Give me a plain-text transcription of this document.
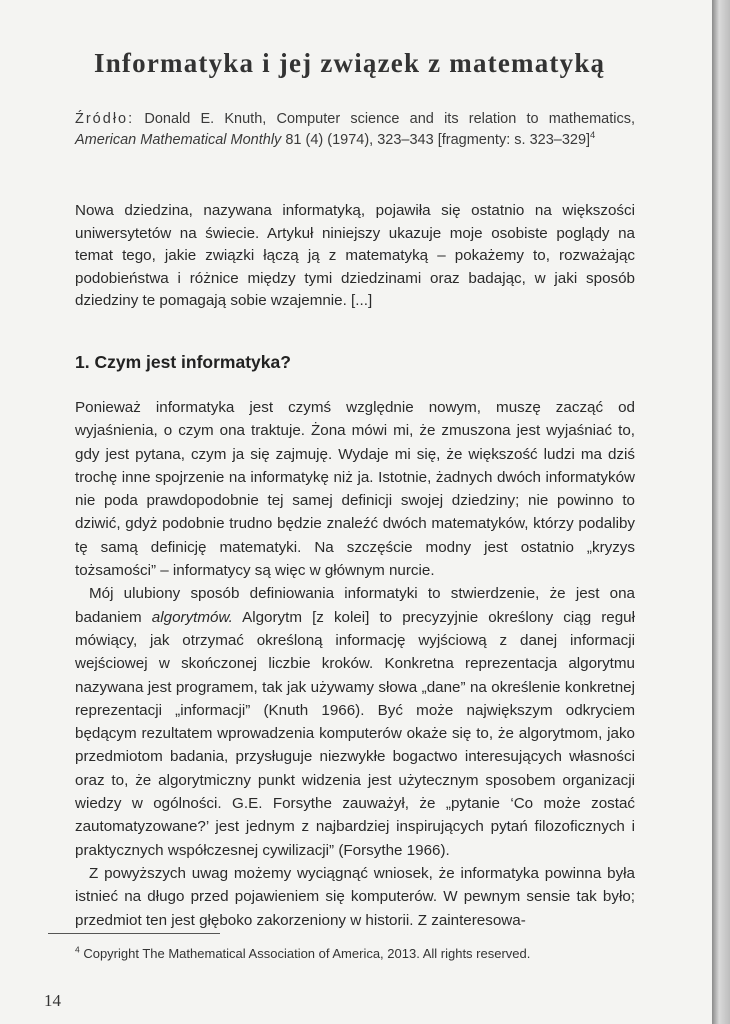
Informatyka i jej związek z matematyką
Źródło: Donald E. Knuth, Computer science and its relation to mathematics, American Mathematical Monthly 81 (4) (1974), 323–343 [fragmenty: s. 323–329]$^4$
Nowa dziedzina, nazywana informatyką, pojawiła się ostatnio na większości uniwersytetów na świecie. Artykuł niniejszy ukazuje moje osobiste poglądy na temat tego, jakie związki łączą ją z matematyką – pokażemy to, rozważając podobieństwa i różnice między tymi dziedzinami oraz badając, w jaki sposób dziedziny te pomagają sobie wzajemnie. [...]
1. Czym jest informatyka?

Ponieważ informatyka jest czymś względnie nowym, muszę zacząć od wyjaśnienia, o czym ona traktuje. Żona mówi mi, że zmuszona jest wyjaśniać to, gdy jest pytana, czym ja się zajmuję. Wydaje mi się, że większość ludzi ma dziś trochę inne spojrzenie na informatykę niż ja. Istotnie, żadnych dwóch informatyków nie poda prawdopodobnie tej samej definicji swojej dziedziny; nie powinno to dziwić, gdyż podobnie trudno będzie znaleźć dwóch matematyków, którzy podaliby tę samą definicję matematyki. Na szczęście modny jest ostatnio „kryzys tożsamości” – informatycy są więc w głównym nurcie.

Mój ulubiony sposób definiowania informatyki to stwierdzenie, że jest ona badaniem algorytmów. Algorytm [z kolei] to precyzyjnie określony ciąg reguł mówiący, jak otrzymać określoną informację wyjściową z danej informacji wejściowej w skończonej liczbie kroków. Konkretna reprezentacja algorytmu nazywana jest programem, tak jak używamy słowa „dane” na określenie konkretnej reprezentacji „informacji” (Knuth 1966). Być może największym odkryciem będącym rezultatem wprowadzenia komputerów okaże się to, że algorytmom, jako przedmiotom badania, przysługuje niezwykłe bogactwo interesujących własności oraz to, że algorytmiczny punkt widzenia jest użytecznym sposobem organizacji wiedzy w ogólności. G.E. Forsythe zauważył, że „pytanie ‘Co może zostać zautomatyzowane?’ jest jednym z najbardziej inspirujących pytań filozoficznych i praktycznych współczesnej cywilizacji” (Forsythe 1966).

Z powyższych uwag możemy wyciągnąć wniosek, że informatyka powinna była istnieć na długo przed pojawieniem się komputerów. W pewnym sensie tak było; przedmiot ten jest głęboko zakorzeniony w historii. Z zainteresowa-

$^4$ Copyright The Mathematical Association of America, 2013. All rights reserved.
14
